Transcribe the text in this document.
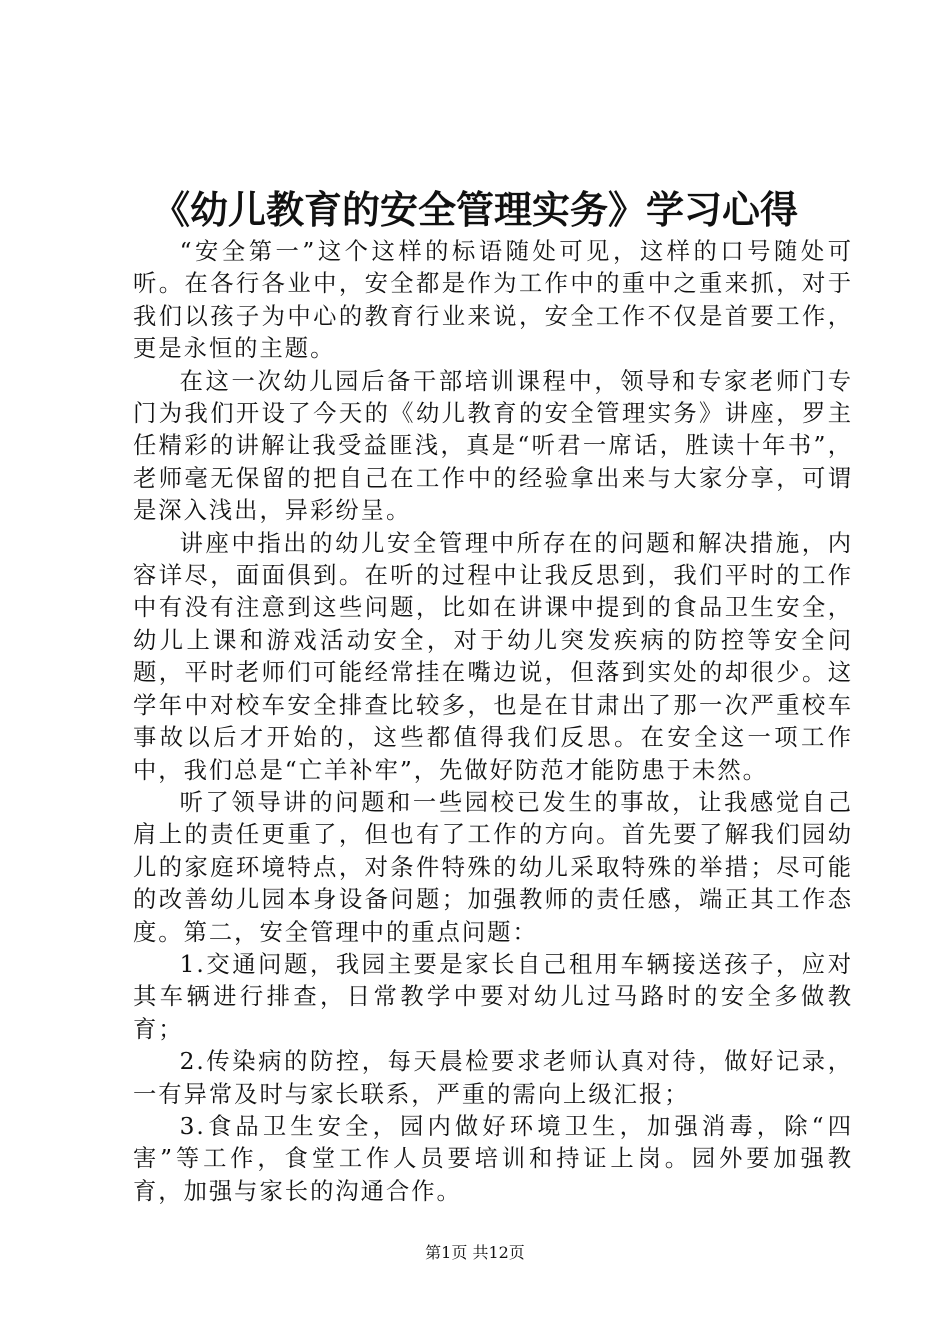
《幼儿教育的安全管理实务》学习心得

“安全第一”这个这样的标语随处可见，这样的口号随处可听。在各行各业中，安全都是作为工作中的重中之重来抓，对于我们以孩子为中心的教育行业来说，安全工作不仅是首要工作，更是永恒的主题。

在这一次幼儿园后备干部培训课程中，领导和专家老师门专门为我们开设了今天的《幼儿教育的安全管理实务》讲座，罗主任精彩的讲解让我受益匪浅，真是“听君一席话，胜读十年书”，老师毫无保留的把自己在工作中的经验拿出来与大家分享，可谓是深入浅出，异彩纷呈。

讲座中指出的幼儿安全管理中所存在的问题和解决措施，内容详尽，面面俱到。在听的过程中让我反思到，我们平时的工作中有没有注意到这些问题，比如在讲课中提到的食品卫生安全，幼儿上课和游戏活动安全，对于幼儿突发疾病的防控等安全问题，平时老师们可能经常挂在嘴边说，但落到实处的却很少。这学年中对校车安全排查比较多，也是在甘肃出了那一次严重校车事故以后才开始的，这些都值得我们反思。在安全这一项工作中，我们总是“亡羊补牢”，先做好防范才能防患于未然。

听了领导讲的问题和一些园校已发生的事故，让我感觉自己肩上的责任更重了，但也有了工作的方向。首先要了解我们园幼儿的家庭环境特点，对条件特殊的幼儿采取特殊的举措；尽可能的改善幼儿园本身设备问题；加强教师的责任感，端正其工作态度。第二，安全管理中的重点问题：

1.交通问题，我园主要是家长自己租用车辆接送孩子，应对其车辆进行排查，日常教学中要对幼儿过马路时的安全多做教育；

2.传染病的防控，每天晨检要求老师认真对待，做好记录，一有异常及时与家长联系，严重的需向上级汇报；

3.食品卫生安全，园内做好环境卫生，加强消毒，除“四害”等工作，食堂工作人员要培训和持证上岗。园外要加强教育，加强与家长的沟通合作。

第1页 共12页
